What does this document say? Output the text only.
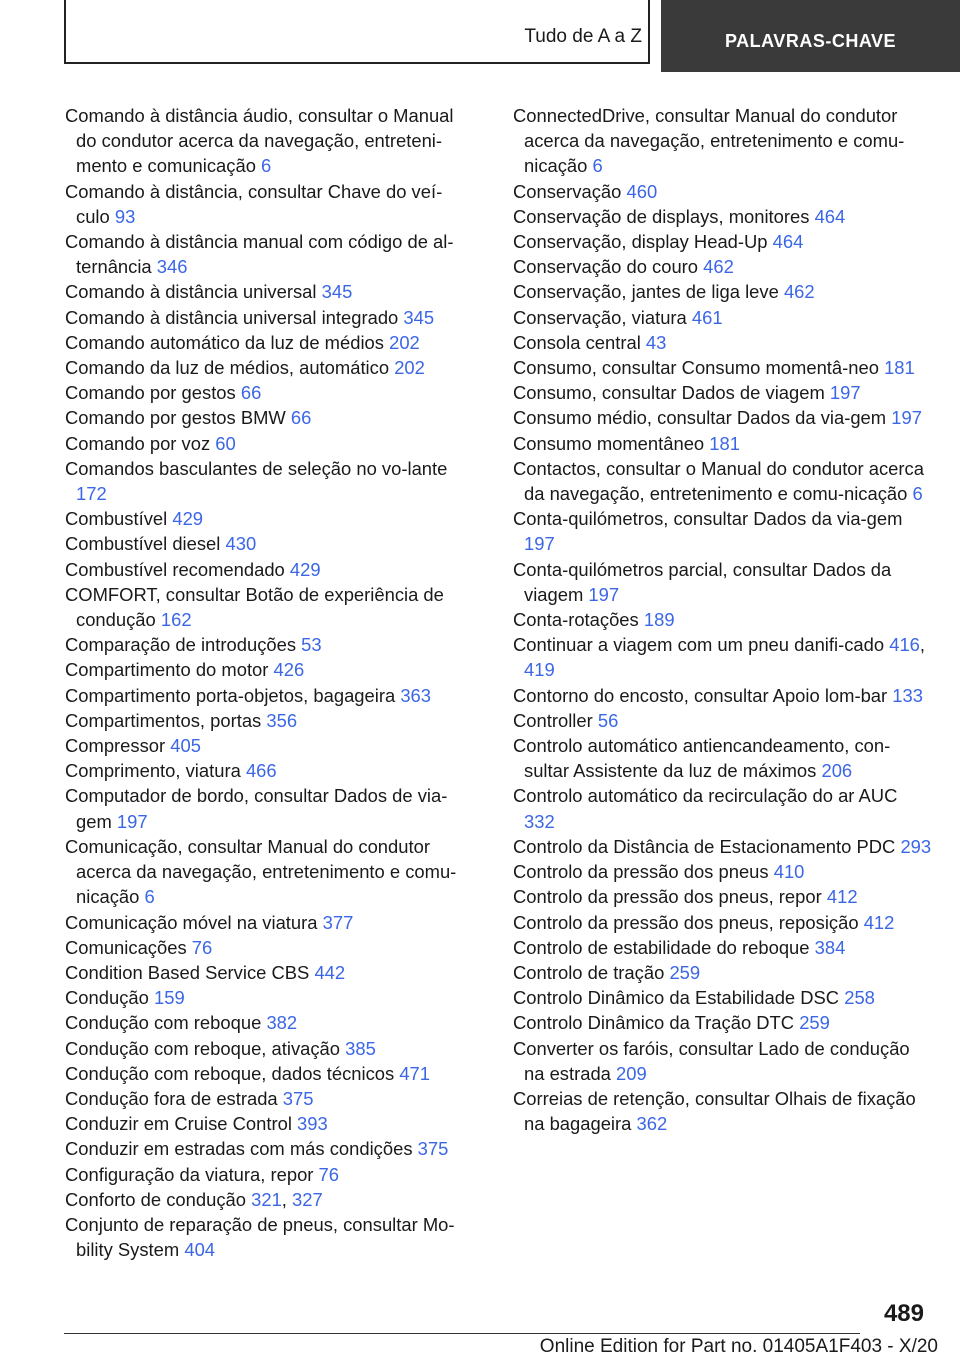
Tudo de A a Z	PALAVRAS-CHAVE
Comando à distância áudio, consultar o Manual do condutor acerca da navegação, entreteni-mento e comunicação 6
Comando à distância, consultar Chave do veí-culo 93
Comando à distância manual com código de al-ternância 346
Comando à distância universal 345
Comando à distância universal integrado 345
Comando automático da luz de médios 202
Comando da luz de médios, automático 202
Comando por gestos 66
Comando por gestos BMW 66
Comando por voz 60
Comandos basculantes de seleção no vo-lante 172
Combustível 429
Combustível diesel 430
Combustível recomendado 429
COMFORT, consultar Botão de experiência de condução 162
Comparação de introduções 53
Compartimento do motor 426
Compartimento porta-objetos, bagageira 363
Compartimentos, portas 356
Compressor 405
Comprimento, viatura 466
Computador de bordo, consultar Dados de via-gem 197
Comunicação, consultar Manual do condutor acerca da navegação, entretenimento e comu-nicação 6
Comunicação móvel na viatura 377
Comunicações 76
Condition Based Service CBS 442
Condução 159
Condução com reboque 382
Condução com reboque, ativação 385
Condução com reboque, dados técnicos 471
Condução fora de estrada 375
Conduzir em Cruise Control 393
Conduzir em estradas com más condições 375
Configuração da viatura, repor 76
Conforto de condução 321, 327
Conjunto de reparação de pneus, consultar Mo-bility System 404
ConnectedDrive, consultar Manual do condutor acerca da navegação, entretenimento e comu-nicação 6
Conservação 460
Conservação de displays, monitores 464
Conservação, display Head-Up 464
Conservação do couro 462
Conservação, jantes de liga leve 462
Conservação, viatura 461
Consola central 43
Consumo, consultar Consumo momentâ-neo 181
Consumo, consultar Dados de viagem 197
Consumo médio, consultar Dados da via-gem 197
Consumo momentâneo 181
Contactos, consultar o Manual do condutor acerca da navegação, entretenimento e comu-nicação 6
Conta-quilómetros, consultar Dados da via-gem 197
Conta-quilómetros parcial, consultar Dados da viagem 197
Conta-rotações 189
Continuar a viagem com um pneu danifi-cado 416, 419
Contorno do encosto, consultar Apoio lom-bar 133
Controller 56
Controlo automático antiencandeamento, con-sultar Assistente da luz de máximos 206
Controlo automático da recirculação do ar AUC 332
Controlo da Distância de Estacionamento PDC 293
Controlo da pressão dos pneus 410
Controlo da pressão dos pneus, repor 412
Controlo da pressão dos pneus, reposição 412
Controlo de estabilidade do reboque 384
Controlo de tração 259
Controlo Dinâmico da Estabilidade DSC 258
Controlo Dinâmico da Tração DTC 259
Converter os faróis, consultar Lado de condução na estrada 209
Correias de retenção, consultar Olhais de fixação na bagageira 362
489
Online Edition for Part no. 01405A1F403 - X/20
